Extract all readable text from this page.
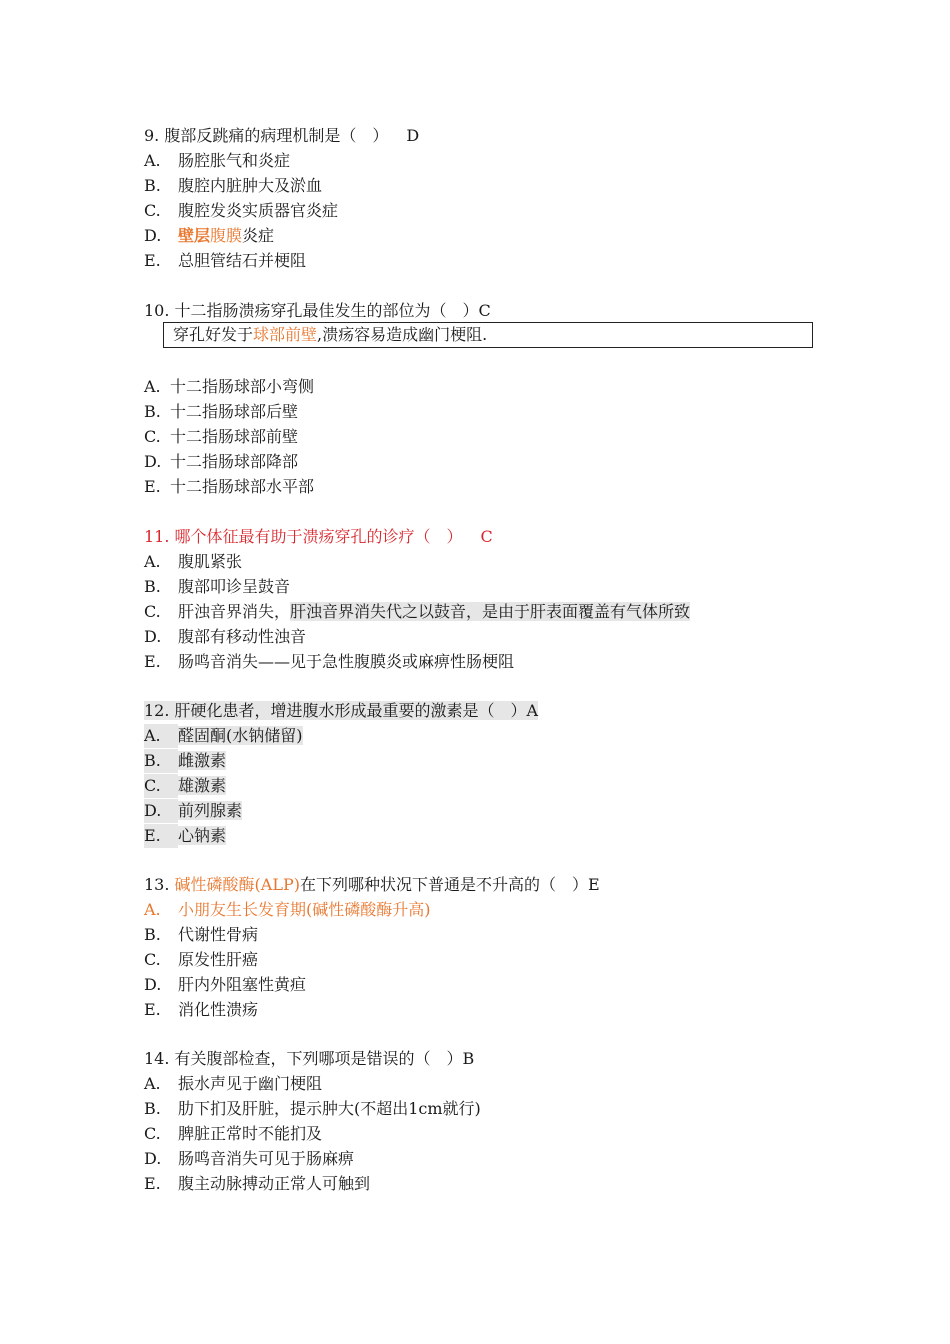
9. 腹部反跳痛的病理机制是（　） D
A. 肠腔胀气和炎症
B. 腹腔内脏肿大及淤血
C. 腹腔发炎实质器官炎症
D. 壁层腹膜炎症
E. 总胆管结石并梗阻
10. 十二指肠溃疡穿孔最佳发生的部位为（　）C
穿孔好发于球部前壁,溃疡容易造成幽门梗阻.
A. 十二指肠球部小弯侧
B. 十二指肠球部后壁
C. 十二指肠球部前壁
D. 十二指肠球部降部
E. 十二指肠球部水平部
11. 哪个体征最有助于溃疡穿孔的诊疗（　） C
A. 腹肌紧张
B. 腹部叩诊呈鼓音
C. 肝浊音界消失，肝浊音界消失代之以鼓音，是由于肝表面覆盖有气体所致
D. 腹部有移动性浊音
E. 肠鸣音消失——见于急性腹膜炎或麻痹性肠梗阻
12. 肝硬化患者，增进腹水形成最重要的激素是（　）A
A. 醛固酮(水钠储留)
B. 雌激素
C. 雄激素
D. 前列腺素
E. 心钠素
13. 碱性磷酸酶(ALP)在下列哪种状况下普通是不升高的（　）E
A. 小朋友生长发育期(碱性磷酸酶升高)
B. 代谢性骨病
C. 原发性肝癌
D. 肝内外阻塞性黄疸
E. 消化性溃疡
14. 有关腹部检查，下列哪项是错误的（　）B
A. 振水声见于幽门梗阻
B. 肋下扪及肝脏，提示肿大(不超出1cm就行)
C. 脾脏正常时不能扪及
D. 肠鸣音消失可见于肠麻痹
E. 腹主动脉搏动正常人可触到
